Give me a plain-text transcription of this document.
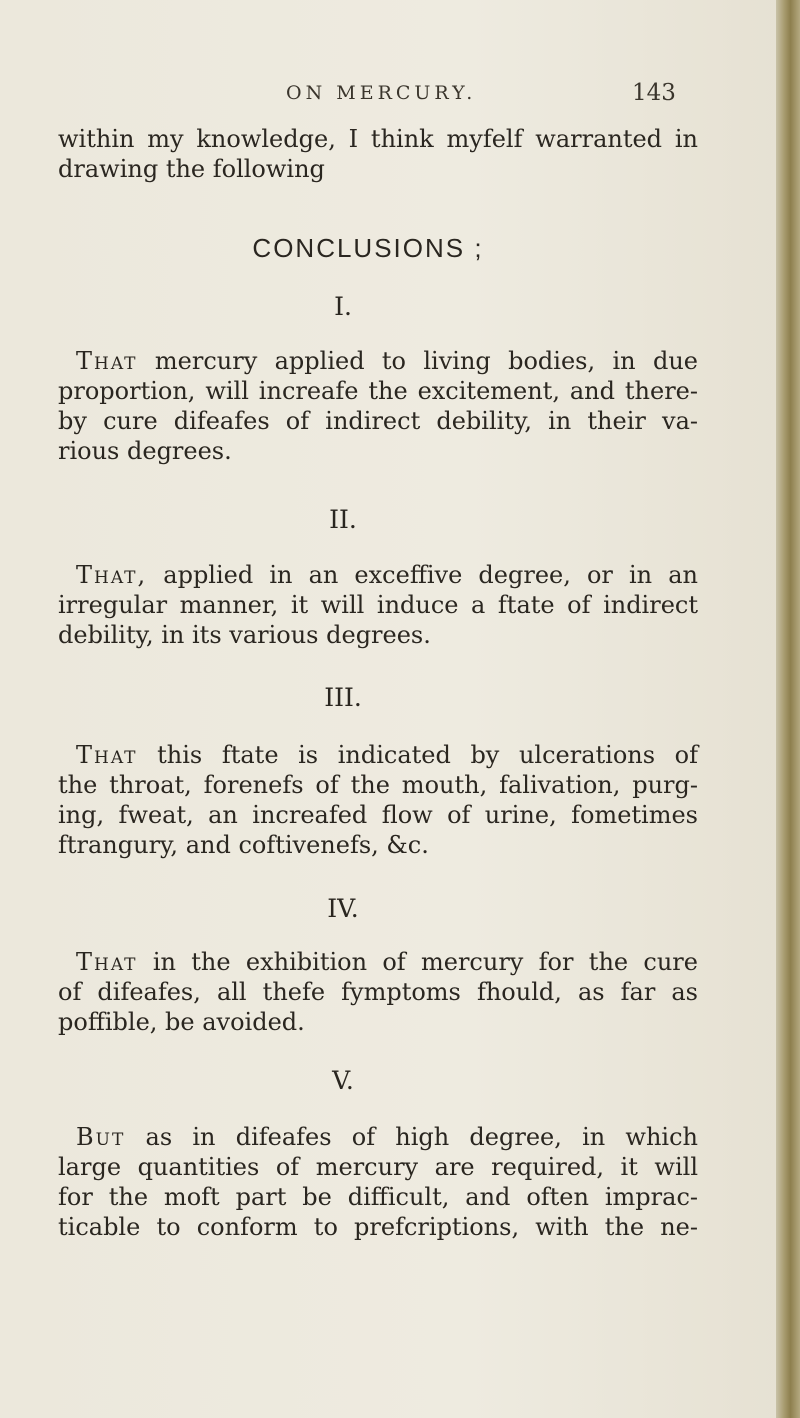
ON MERCURY.	143
within my knowledge, I think myfelf warranted in
drawing the following
CONCLUSIONS ;
I.
That mercury applied to living bodies, in due
proportion, will increafe the excitement, and there-
by cure difeafes of indirect debility, in their va-
rious degrees.
II.
That, applied in an exceffive degree, or in an
irregular manner, it will induce a ftate of indirect
debility, in its various degrees.
III.
That this ftate is indicated by ulcerations of
the throat, forenefs of the mouth, falivation, purg-
ing, fweat, an increafed flow of urine, fometimes
ftrangury, and coftivenefs, &c.
IV.
That in the exhibition of mercury for the cure
of difeafes, all thefe fymptoms fhould, as far as
poffible, be avoided.
V.
But as in difeafes of high degree, in which
large quantities of mercury are required, it will
for the moft part be difficult, and often imprac-
ticable to conform to prefcriptions, with the ne-
